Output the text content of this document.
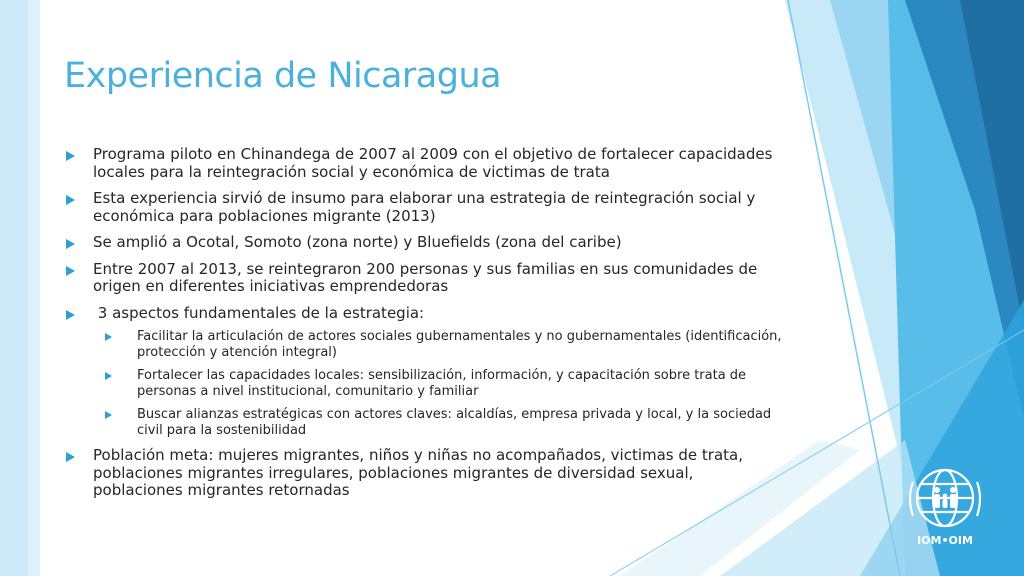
Experiencia de Nicaragua
Programa piloto en Chinandega de 2007 al 2009 con el objetivo de fortalecer capacidades locales para la reintegración social y económica de victimas de trata
Esta experiencia sirvió de insumo para elaborar una estrategia de reintegración social y económica para poblaciones migrante (2013)
Se amplió a Ocotal, Somoto (zona norte) y Bluefields (zona del caribe)
Entre 2007 al 2013, se reintegraron 200 personas y sus familias en sus comunidades de origen en diferentes iniciativas emprendedoras
3 aspectos fundamentales de la estrategia:
Facilitar la articulación de actores sociales gubernamentales y no gubernamentales (identificación, protección y atención integral)
Fortalecer las capacidades locales: sensibilización, información, y capacitación sobre trata de personas a nivel institucional, comunitario y familiar
Buscar alianzas estratégicas con actores claves: alcaldías, empresa privada y local, y la sociedad civil para la sostenibilidad
Población meta: mujeres migrantes, niños y niñas no acompañados, victimas de trata, poblaciones migrantes irregulares, poblaciones migrantes de diversidad sexual, poblaciones migrantes retornadas
IOM•OIM
